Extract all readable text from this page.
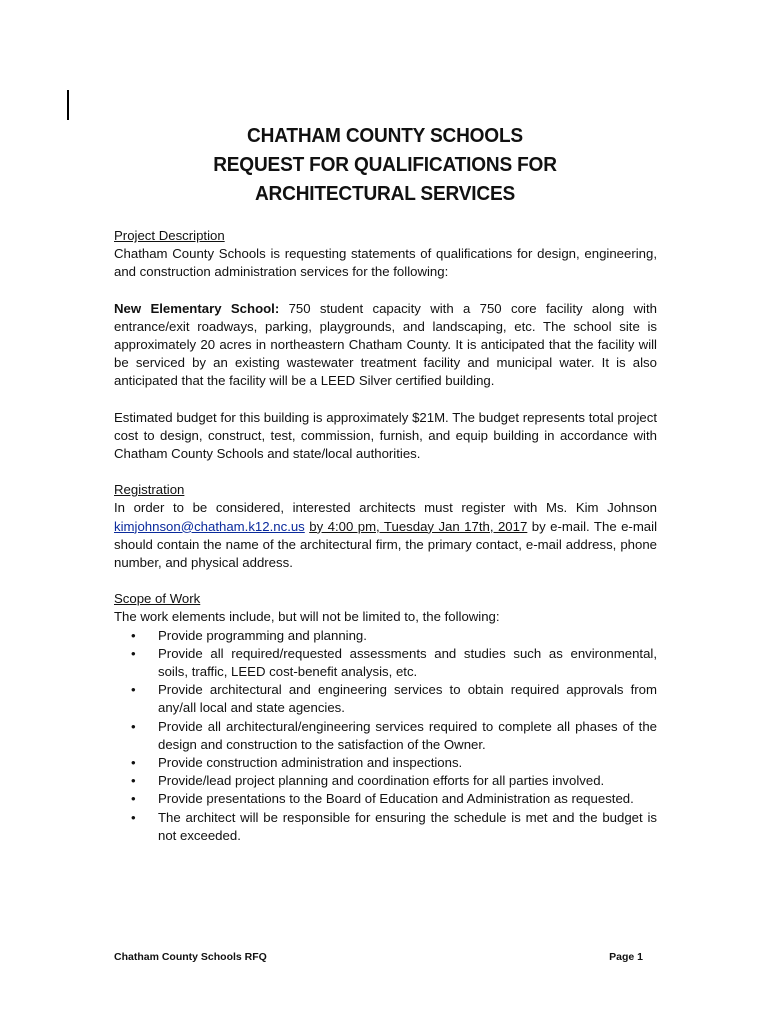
CHATHAM COUNTY SCHOOLS
REQUEST FOR QUALIFICATIONS FOR
ARCHITECTURAL SERVICES
Project Description

Chatham County Schools is requesting statements of qualifications for design, engineering, and construction administration services for the following:

New Elementary School: 750 student capacity with a 750 core facility along with entrance/exit roadways, parking, playgrounds, and landscaping, etc. The school site is approximately 20 acres in northeastern Chatham County. It is anticipated that the facility will be serviced by an existing wastewater treatment facility and municipal water. It is also anticipated that the facility will be a LEED Silver certified building.

Estimated budget for this building is approximately $21M. The budget represents total project cost to design, construct, test, commission, furnish, and equip building in accordance with Chatham County Schools and state/local authorities.

Registration

In order to be considered, interested architects must register with Ms. Kim Johnson kimjohnson@chatham.k12.nc.us by 4:00 pm, Tuesday Jan 17th, 2017 by e-mail. The e-mail should contain the name of the architectural firm, the primary contact, e-mail address, phone number, and physical address.

Scope of Work
The work elements include, but will not be limited to, the following:
• Provide programming and planning.
• Provide all required/requested assessments and studies such as environmental, soils, traffic, LEED cost-benefit analysis, etc.
• Provide architectural and engineering services to obtain required approvals from any/all local and state agencies.
• Provide all architectural/engineering services required to complete all phases of the design and construction to the satisfaction of the Owner.
• Provide construction administration and inspections.
• Provide/lead project planning and coordination efforts for all parties involved.
• Provide presentations to the Board of Education and Administration as requested.
• The architect will be responsible for ensuring the schedule is met and the budget is not exceeded.
Chatham County Schools RFQ	Page 1
